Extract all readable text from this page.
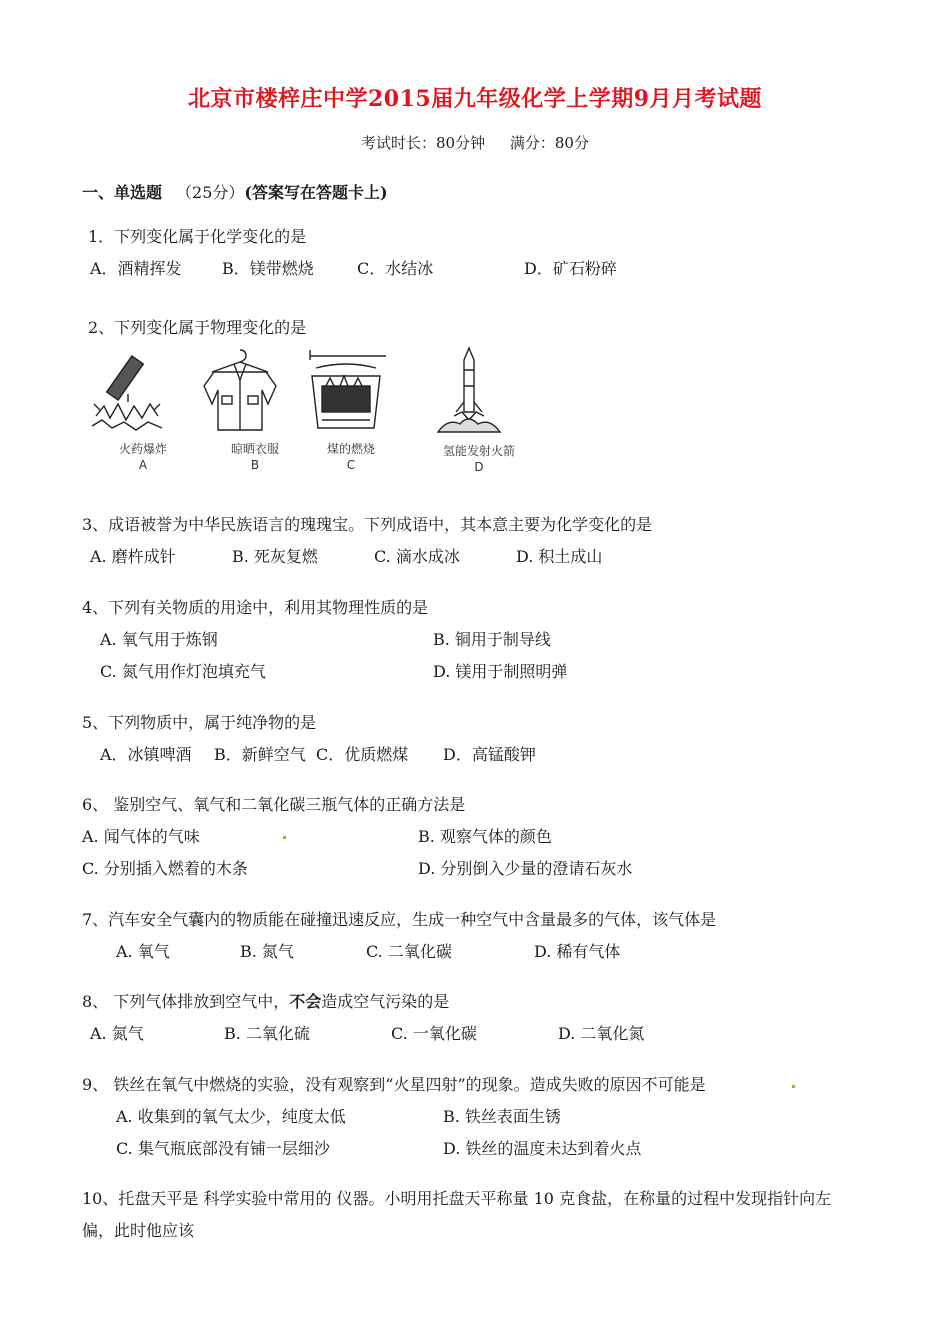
北京市楼梓庄中学2015届九年级化学上学期9月月考试题
考试时长：80分钟 满分：80分
一、单选题 （25分）(答案写在答题卡上)
1．下列变化属于化学变化的是
A．酒精挥发	B．镁带燃烧	C．水结冰	D．矿石粉碎
2、下列变化属于物理变化的是
火药爆炸
A
晾晒衣服
B
煤的燃烧
C
氢能发射火箭
D
3、成语被誉为中华民族语言的瑰瑰宝。下列成语中，其本意主要为化学变化的是
A. 磨杵成针	B. 死灰复燃	C. 滴水成冰	D. 积土成山
4、下列有关物质的用途中，利用其物理性质的是
A. 氧气用于炼钢	B. 铜用于制导线
C. 氮气用作灯泡填充气	D. 镁用于制照明弹
5、下列物质中，属于纯净物的是
A．冰镇啤酒 B．新鲜空气 C．优质燃煤 D．高锰酸钾
6、 鉴别空气、氧气和二氧化碳三瓶气体的正确方法是
A. 闻气体的气味	B. 观察气体的颜色
C. 分别插入燃着的木条	D. 分别倒入少量的澄请石灰水
7、汽车安全气囊内的物质能在碰撞迅速反应，生成一种空气中含量最多的气体，该气体是
A. 氧气	B. 氮气	C. 二氧化碳	D. 稀有气体
8、 下列气体排放到空气中，不会造成空气污染的是
A. 氮气	B. 二氧化硫	C. 一氧化碳	D. 二氧化氮
9、 铁丝在氧气中燃烧的实验，没有观察到“火星四射”的现象。造成失败的原因不可能是
A. 收集到的氧气太少，纯度太低	B. 铁丝表面生锈
C. 集气瓶底部没有铺一层细沙	D. 铁丝的温度未达到着火点
10、托盘天平是 科学实验中常用的 仪器。小明用托盘天平称量 10 克食盐，在称量的过程中发现指针向左
偏，此时他应该
